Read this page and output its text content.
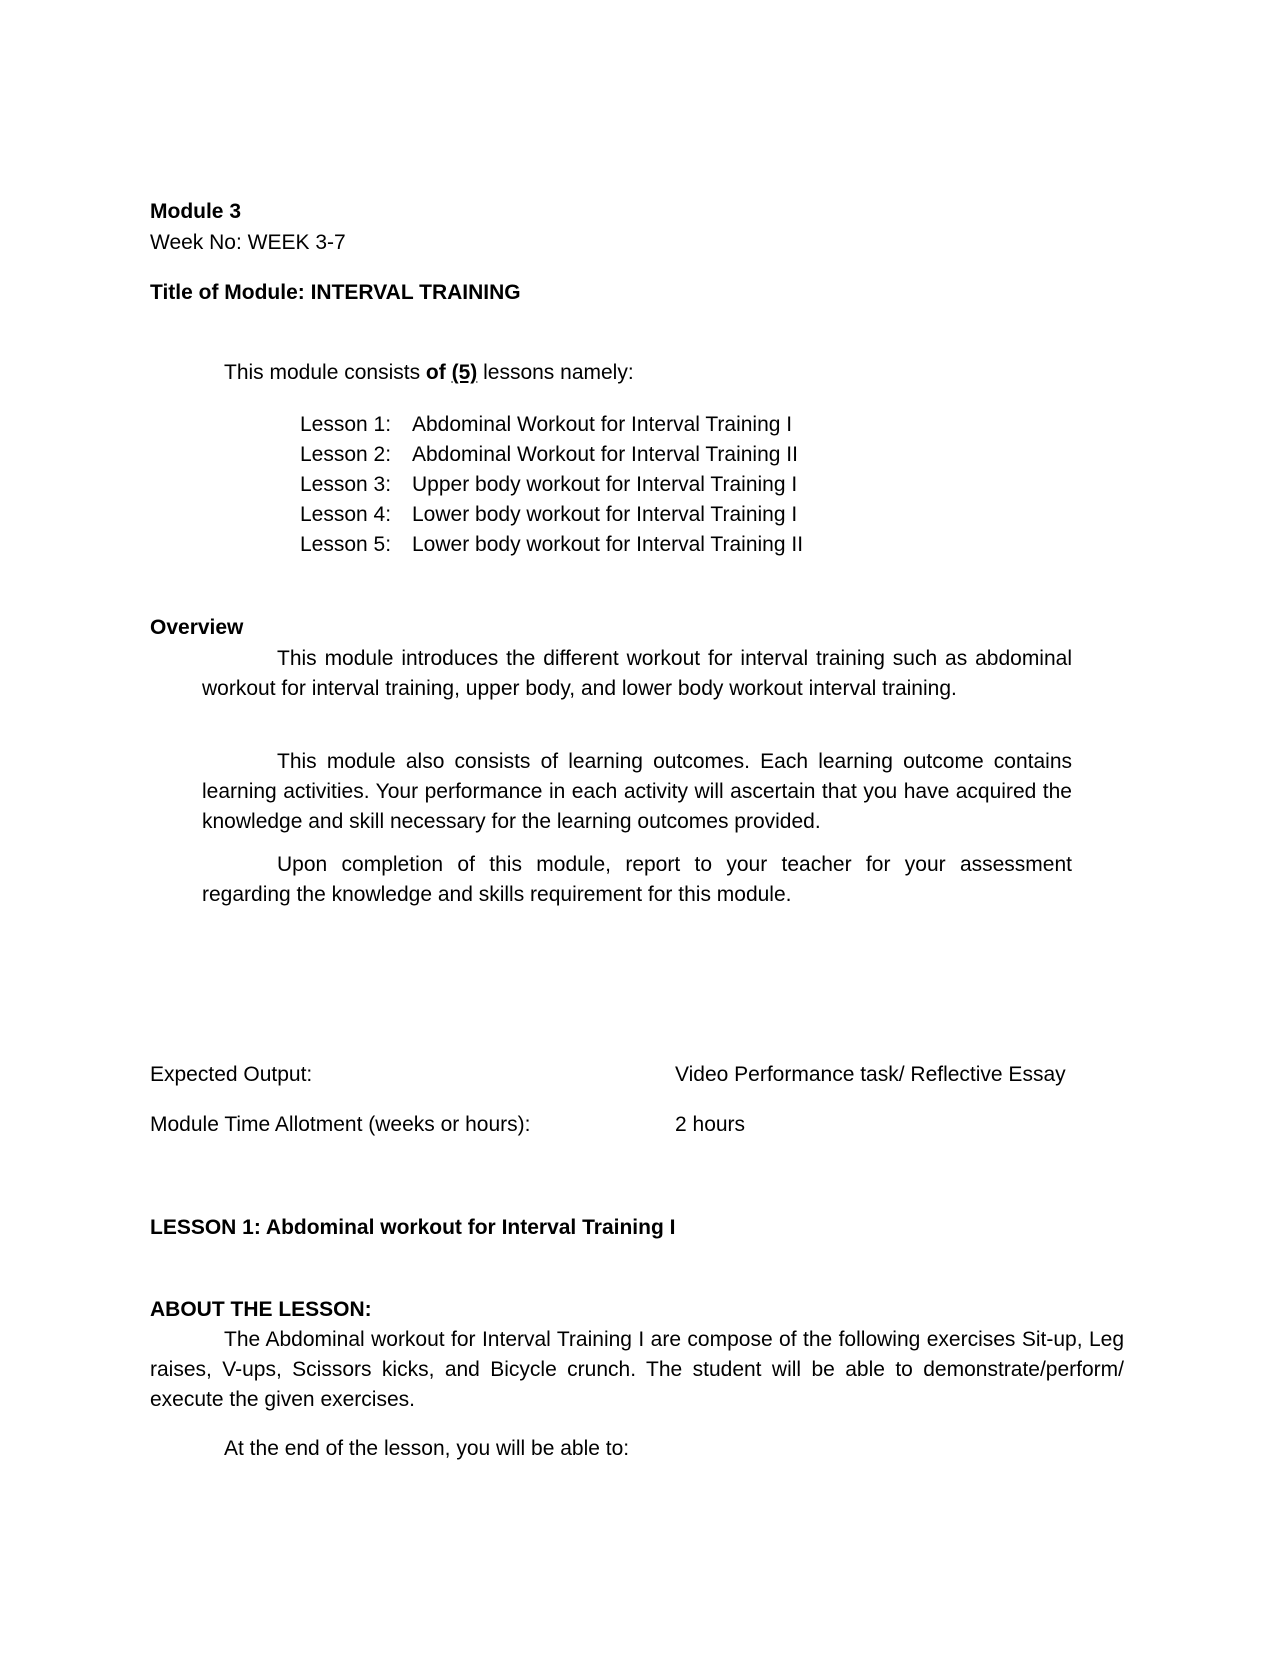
Module 3
Week No: WEEK 3-7
Title of Module: INTERVAL TRAINING
This module consists of (5) lessons namely:
Lesson 1: Abdominal Workout for Interval Training I
Lesson 2: Abdominal Workout for Interval Training II
Lesson 3: Upper body workout for Interval Training I
Lesson 4: Lower body workout for Interval Training I
Lesson 5: Lower body workout for Interval Training II
Overview
This module introduces the different workout for interval training such as abdominal workout for interval training, upper body, and lower body workout interval training.
This module also consists of learning outcomes. Each learning outcome contains learning activities. Your performance in each activity will ascertain that you have acquired the knowledge and skill necessary for the learning outcomes provided.
Upon completion of this module, report to your teacher for your assessment regarding the knowledge and skills requirement for this module.
Expected Output:	Video Performance task/ Reflective Essay
Module Time Allotment (weeks or hours):	2 hours
LESSON 1: Abdominal workout for Interval Training I
ABOUT THE LESSON:
The Abdominal workout for Interval Training I are compose of the following exercises Sit-up, Leg raises, V-ups, Scissors kicks, and Bicycle crunch. The student will be able to demonstrate/perform/ execute the given exercises.
At the end of the lesson, you will be able to:
